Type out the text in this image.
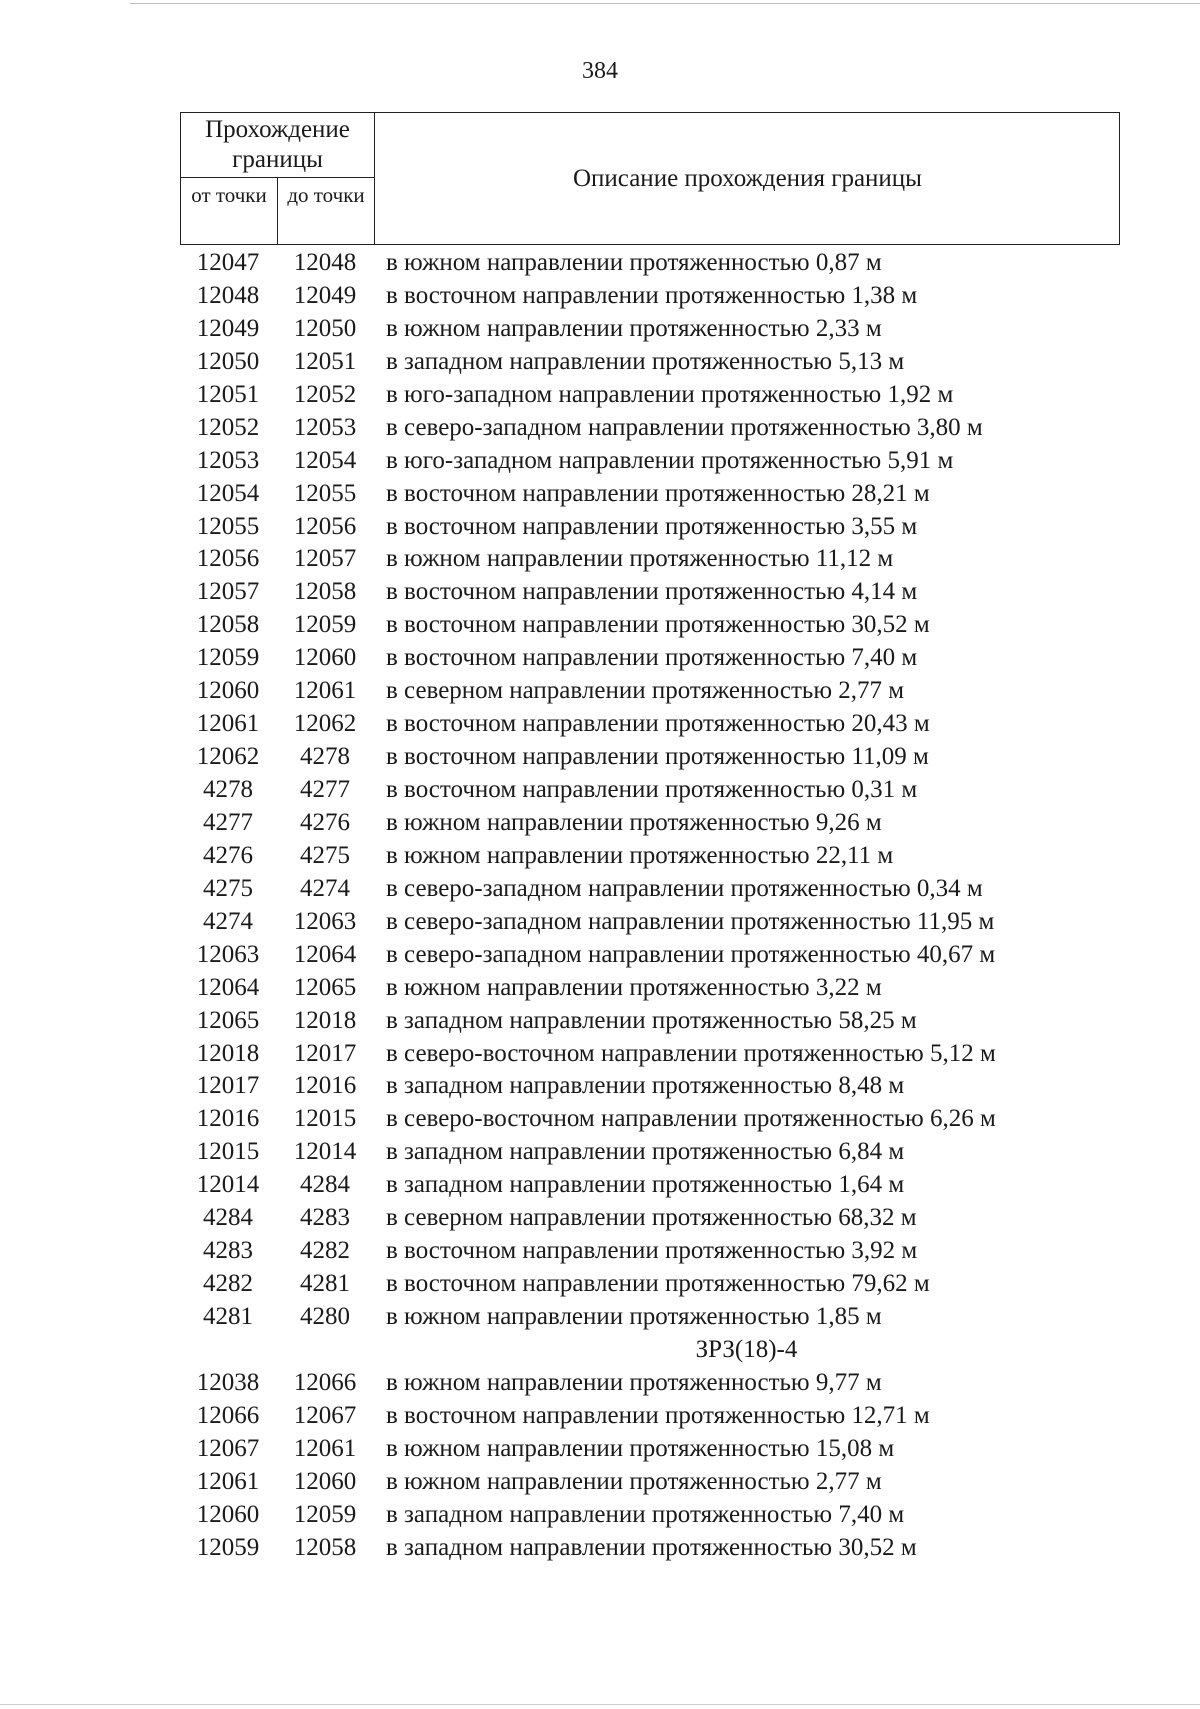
384
Прохождение границы
от точки до точки
Описание прохождения границы
12047	12048	в южном направлении протяженностью 0,87 м
12048	12049	в восточном направлении протяженностью 1,38 м
12049	12050	в южном направлении протяженностью 2,33 м
12050	12051	в западном направлении протяженностью 5,13 м
12051	12052	в юго-западном направлении протяженностью 1,92 м
12052	12053	в северо-западном направлении протяженностью 3,80 м
12053	12054	в юго-западном направлении протяженностью 5,91 м
12054	12055	в восточном направлении протяженностью 28,21 м
12055	12056	в восточном направлении протяженностью 3,55 м
12056	12057	в южном направлении протяженностью 11,12 м
12057	12058	в восточном направлении протяженностью 4,14 м
12058	12059	в восточном направлении протяженностью 30,52 м
12059	12060	в восточном направлении протяженностью 7,40 м
12060	12061	в северном направлении протяженностью 2,77 м
12061	12062	в восточном направлении протяженностью 20,43 м
12062	4278	в восточном направлении протяженностью 11,09 м
4278	4277	в восточном направлении протяженностью 0,31 м
4277	4276	в южном направлении протяженностью 9,26 м
4276	4275	в южном направлении протяженностью 22,11 м
4275	4274	в северо-западном направлении протяженностью 0,34 м
4274	12063	в северо-западном направлении протяженностью 11,95 м
12063	12064	в северо-западном направлении протяженностью 40,67 м
12064	12065	в южном направлении протяженностью 3,22 м
12065	12018	в западном направлении протяженностью 58,25 м
12018	12017	в северо-восточном направлении протяженностью 5,12 м
12017	12016	в западном направлении протяженностью 8,48 м
12016	12015	в северо-восточном направлении протяженностью 6,26 м
12015	12014	в западном направлении протяженностью 6,84 м
12014	4284	в западном направлении протяженностью 1,64 м
4284	4283	в северном направлении протяженностью 68,32 м
4283	4282	в восточном направлении протяженностью 3,92 м
4282	4281	в восточном направлении протяженностью 79,62 м
4281	4280	в южном направлении протяженностью 1,85 м
ЗРЗ(18)-4
12038	12066	в южном направлении протяженностью 9,77 м
12066	12067	в восточном направлении протяженностью 12,71 м
12067	12061	в южном направлении протяженностью 15,08 м
12061	12060	в южном направлении протяженностью 2,77 м
12060	12059	в западном направлении протяженностью 7,40 м
12059	12058	в западном направлении протяженностью 30,52 м
